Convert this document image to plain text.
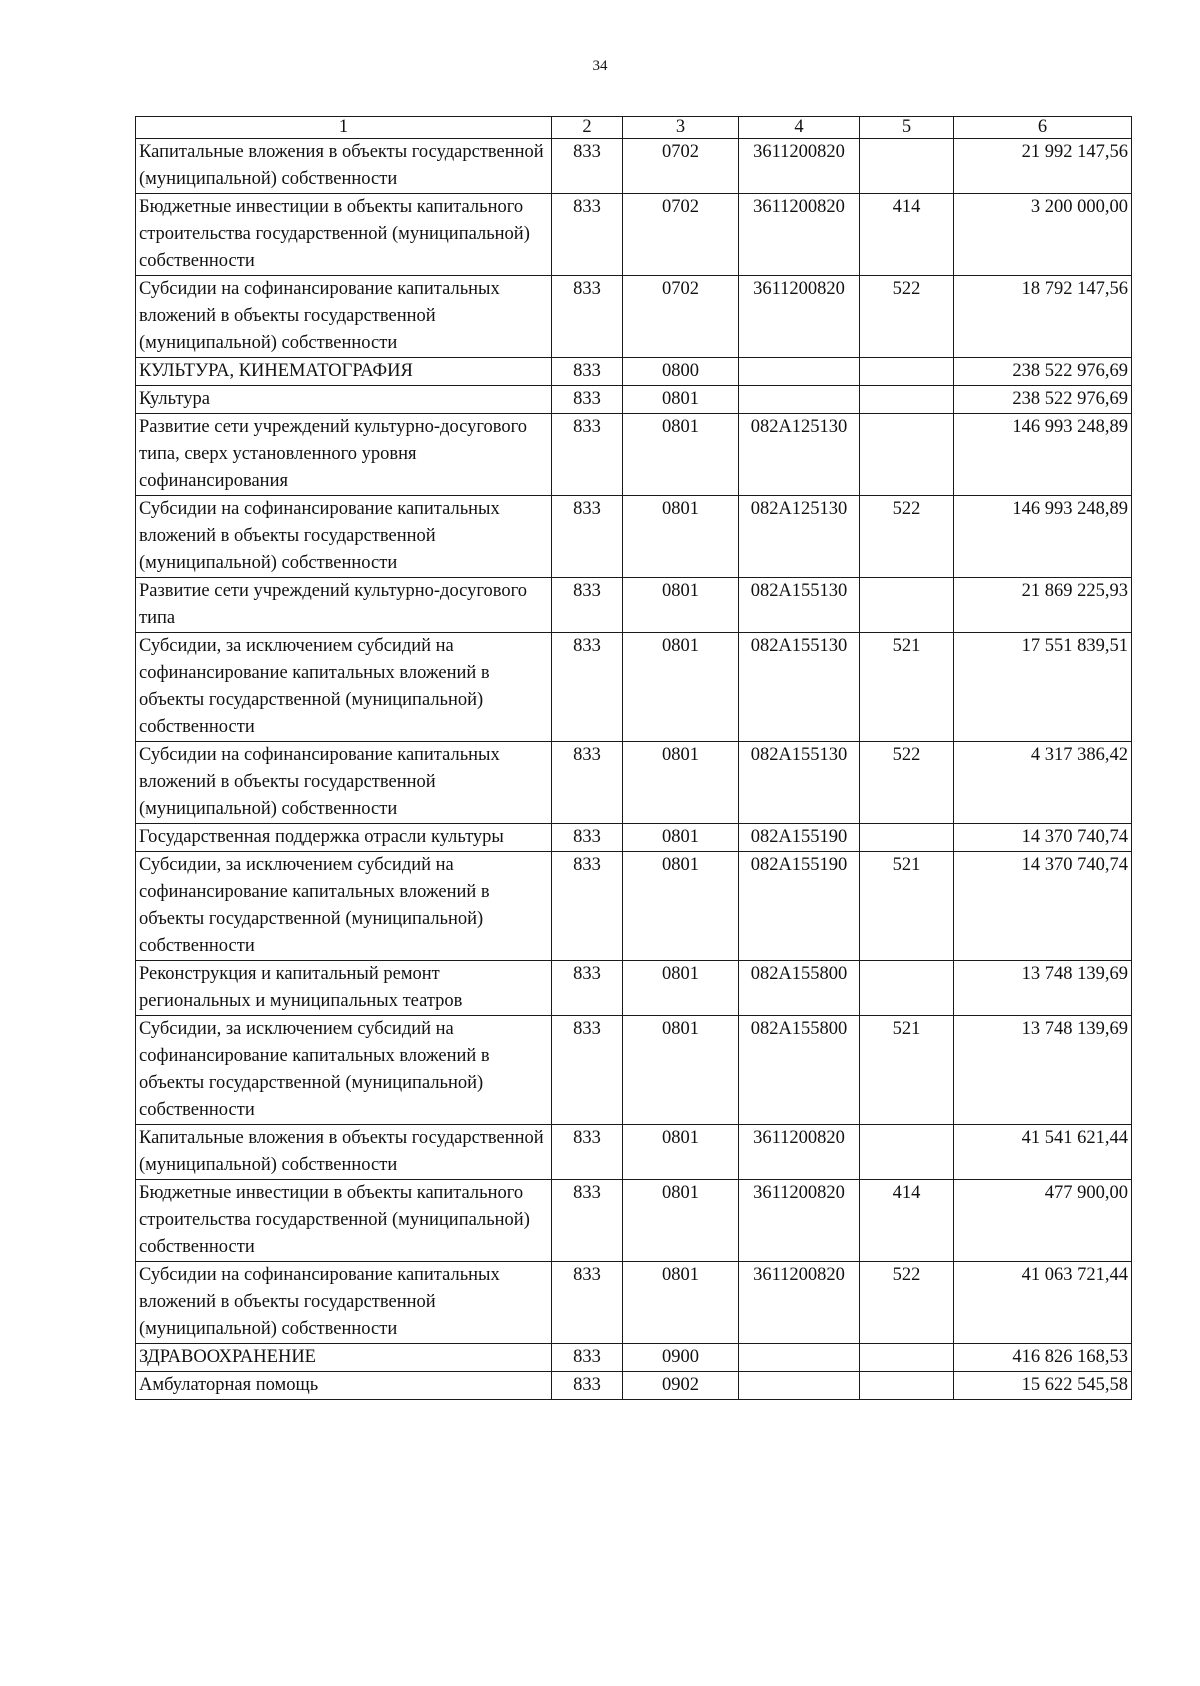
34
1	2	3	4	5	6
Капитальные вложения в объекты государственной (муниципальной) собственности	833	0702	3611200820		21 992 147,56
Бюджетные инвестиции в объекты капитального строительства государственной (муниципальной) собственности	833	0702	3611200820	414	3 200 000,00
Субсидии на софинансирование капитальных вложений в объекты государственной (муниципальной) собственности	833	0702	3611200820	522	18 792 147,56
КУЛЬТУРА, КИНЕМАТОГРАФИЯ	833	0800			238 522 976,69
Культура	833	0801			238 522 976,69
Развитие сети учреждений культурно-досугового типа, сверх установленного уровня софинансирования	833	0801	082A125130		146 993 248,89
Субсидии на софинансирование капитальных вложений в объекты государственной (муниципальной) собственности	833	0801	082A125130	522	146 993 248,89
Развитие сети учреждений культурно-досугового типа	833	0801	082A155130		21 869 225,93
Субсидии, за исключением субсидий на софинансирование капитальных вложений в объекты государственной (муниципальной) собственности	833	0801	082A155130	521	17 551 839,51
Субсидии на софинансирование капитальных вложений в объекты государственной (муниципальной) собственности	833	0801	082A155130	522	4 317 386,42
Государственная поддержка отрасли культуры	833	0801	082A155190		14 370 740,74
Субсидии, за исключением субсидий на софинансирование капитальных вложений в объекты государственной (муниципальной) собственности	833	0801	082A155190	521	14 370 740,74
Реконструкция и капитальный ремонт региональных и муниципальных театров	833	0801	082A155800		13 748 139,69
Субсидии, за исключением субсидий на софинансирование капитальных вложений в объекты государственной (муниципальной) собственности	833	0801	082A155800	521	13 748 139,69
Капитальные вложения в объекты государственной (муниципальной) собственности	833	0801	3611200820		41 541 621,44
Бюджетные инвестиции в объекты капитального строительства государственной (муниципальной) собственности	833	0801	3611200820	414	477 900,00
Субсидии на софинансирование капитальных вложений в объекты государственной (муниципальной) собственности	833	0801	3611200820	522	41 063 721,44
ЗДРАВООХРАНЕНИЕ	833	0900			416 826 168,53
Амбулаторная помощь	833	0902			15 622 545,58
